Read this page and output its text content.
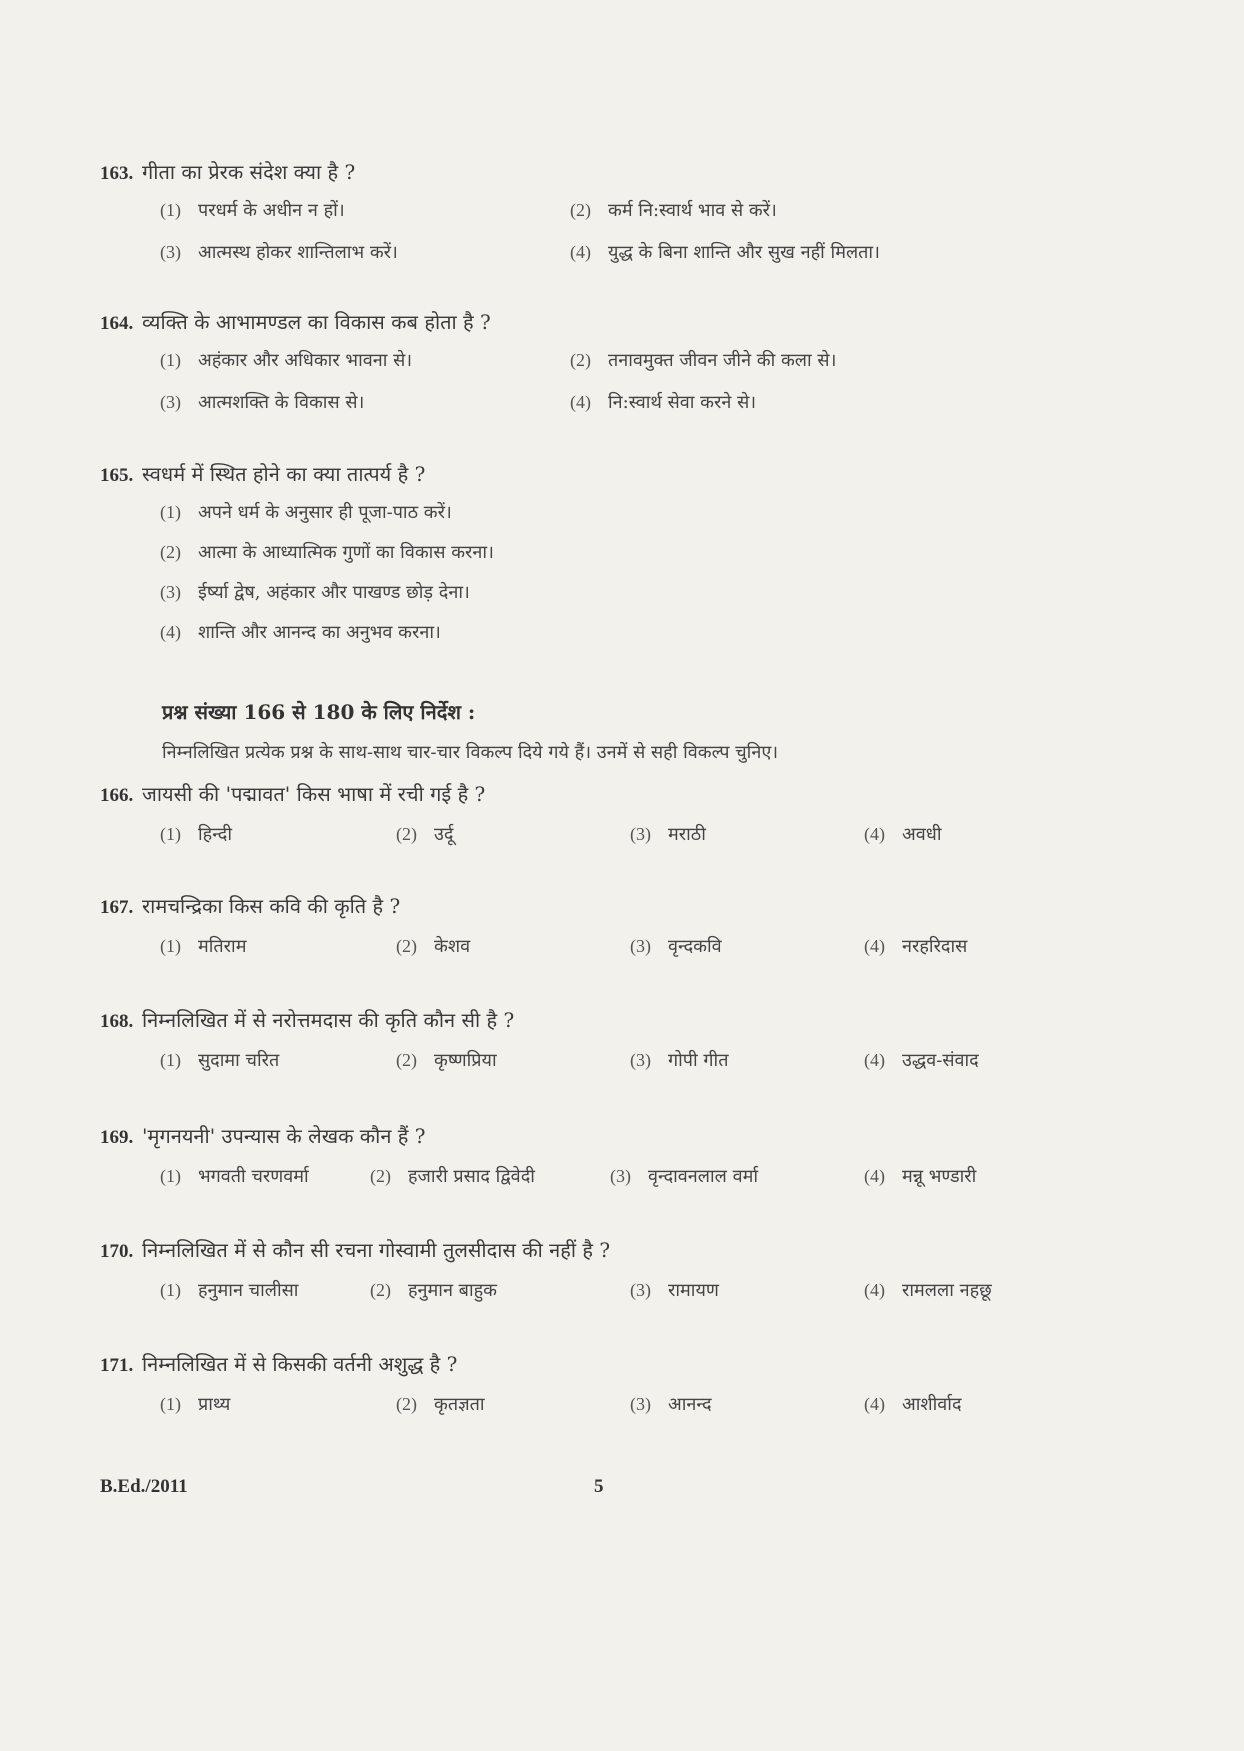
163. गीता का प्रेरक संदेश क्या है ?
(1) परधर्म के अधीन न हों।	(2) कर्म नि:स्वार्थ भाव से करें।
(3) आत्मस्थ होकर शान्तिलाभ करें।	(4) युद्ध के बिना शान्ति और सुख नहीं मिलता।
164. व्यक्ति के आभामण्डल का विकास कब होता है ?
(1) अहंकार और अधिकार भावना से।	(2) तनावमुक्त जीवन जीने की कला से।
(3) आत्मशक्ति के विकास से।	(4) नि:स्वार्थ सेवा करने से।
165. स्वधर्म में स्थित होने का क्या तात्पर्य है ?
(1) अपने धर्म के अनुसार ही पूजा-पाठ करें।
(2) आत्मा के आध्यात्मिक गुणों का विकास करना।
(3) ईर्ष्या द्वेष, अहंकार और पाखण्ड छोड़ देना।
(4) शान्ति और आनन्द का अनुभव करना।
प्रश्न संख्या 166 से 180 के लिए निर्देश :
निम्नलिखित प्रत्येक प्रश्न के साथ-साथ चार-चार विकल्प दिये गये हैं। उनमें से सही विकल्प चुनिए।
166. जायसी की 'पद्मावत' किस भाषा में रची गई है ?
(1) हिन्दी	(2) उर्दू	(3) मराठी	(4) अवधी
167. रामचन्द्रिका किस कवि की कृति है ?
(1) मतिराम	(2) केशव	(3) वृन्दकवि	(4) नरहरिदास
168. निम्नलिखित में से नरोत्तमदास की कृति कौन सी है ?
(1) सुदामा चरित	(2) कृष्णप्रिया	(3) गोपी गीत	(4) उद्धव-संवाद
169. 'मृगनयनी' उपन्यास के लेखक कौन हैं ?
(1) भगवती चरणवर्मा	(2) हजारी प्रसाद द्विवेदी	(3) वृन्दावनलाल वर्मा	(4) मन्नू भण्डारी
170. निम्नलिखित में से कौन सी रचना गोस्वामी तुलसीदास की नहीं है ?
(1) हनुमान चालीसा	(2) हनुमान बाहुक	(3) रामायण	(4) रामलला नहछू
171. निम्नलिखित में से किसकी वर्तनी अशुद्ध है ?
(1) प्राथ्य	(2) कृतज्ञता	(3) आनन्द	(4) आशीर्वाद
B.Ed./2011	5
